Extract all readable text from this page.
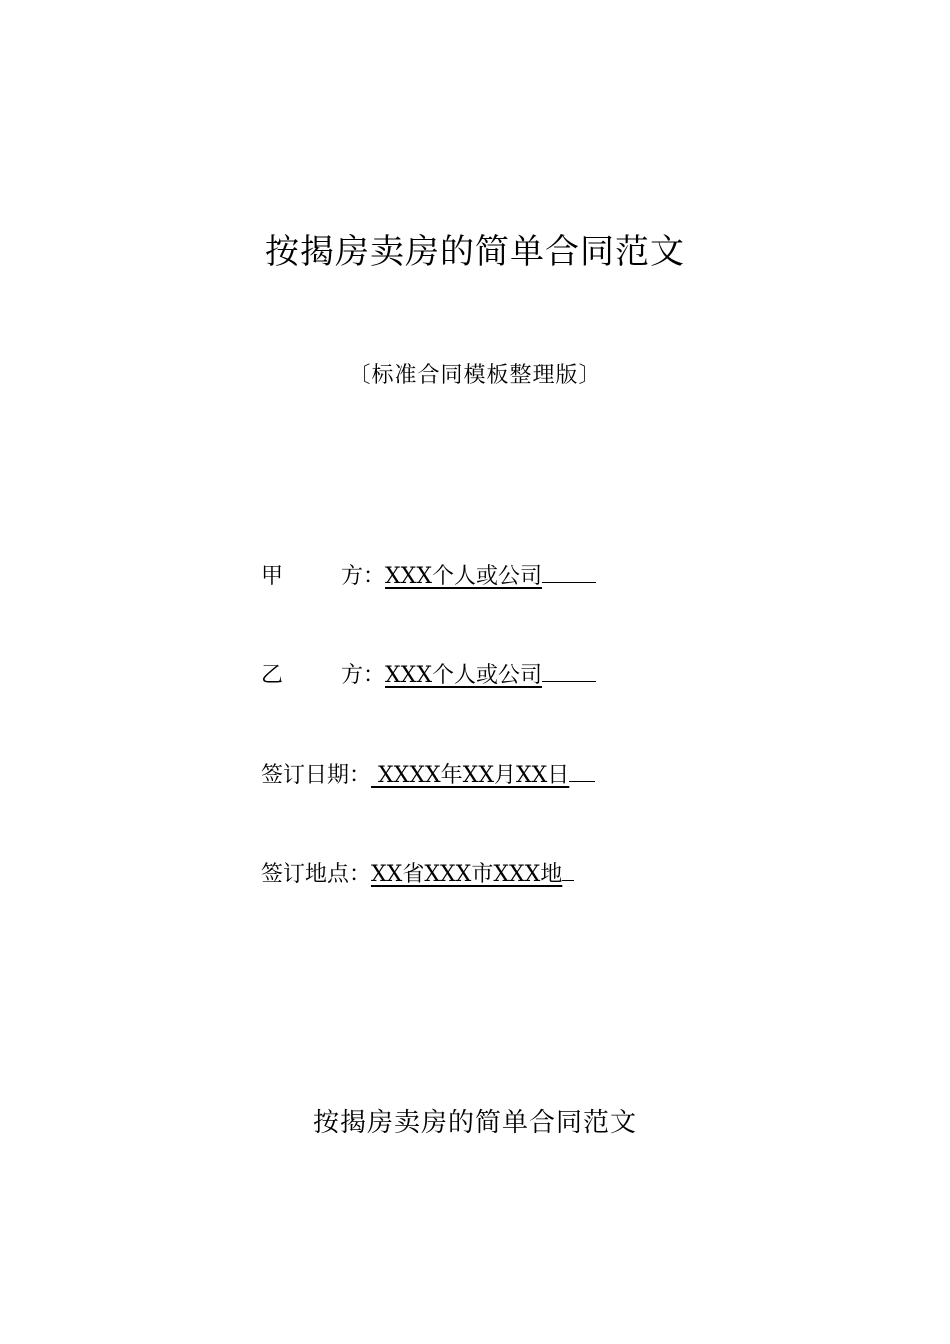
按揭房卖房的简单合同范文
〔标准合同模板整理版〕
甲	方： XXX个人或公司
乙	方： XXX个人或公司
签订日期： XXXX年XX月XX日
签订地点：XX省XXX市XXX地
按揭房卖房的简单合同范文
